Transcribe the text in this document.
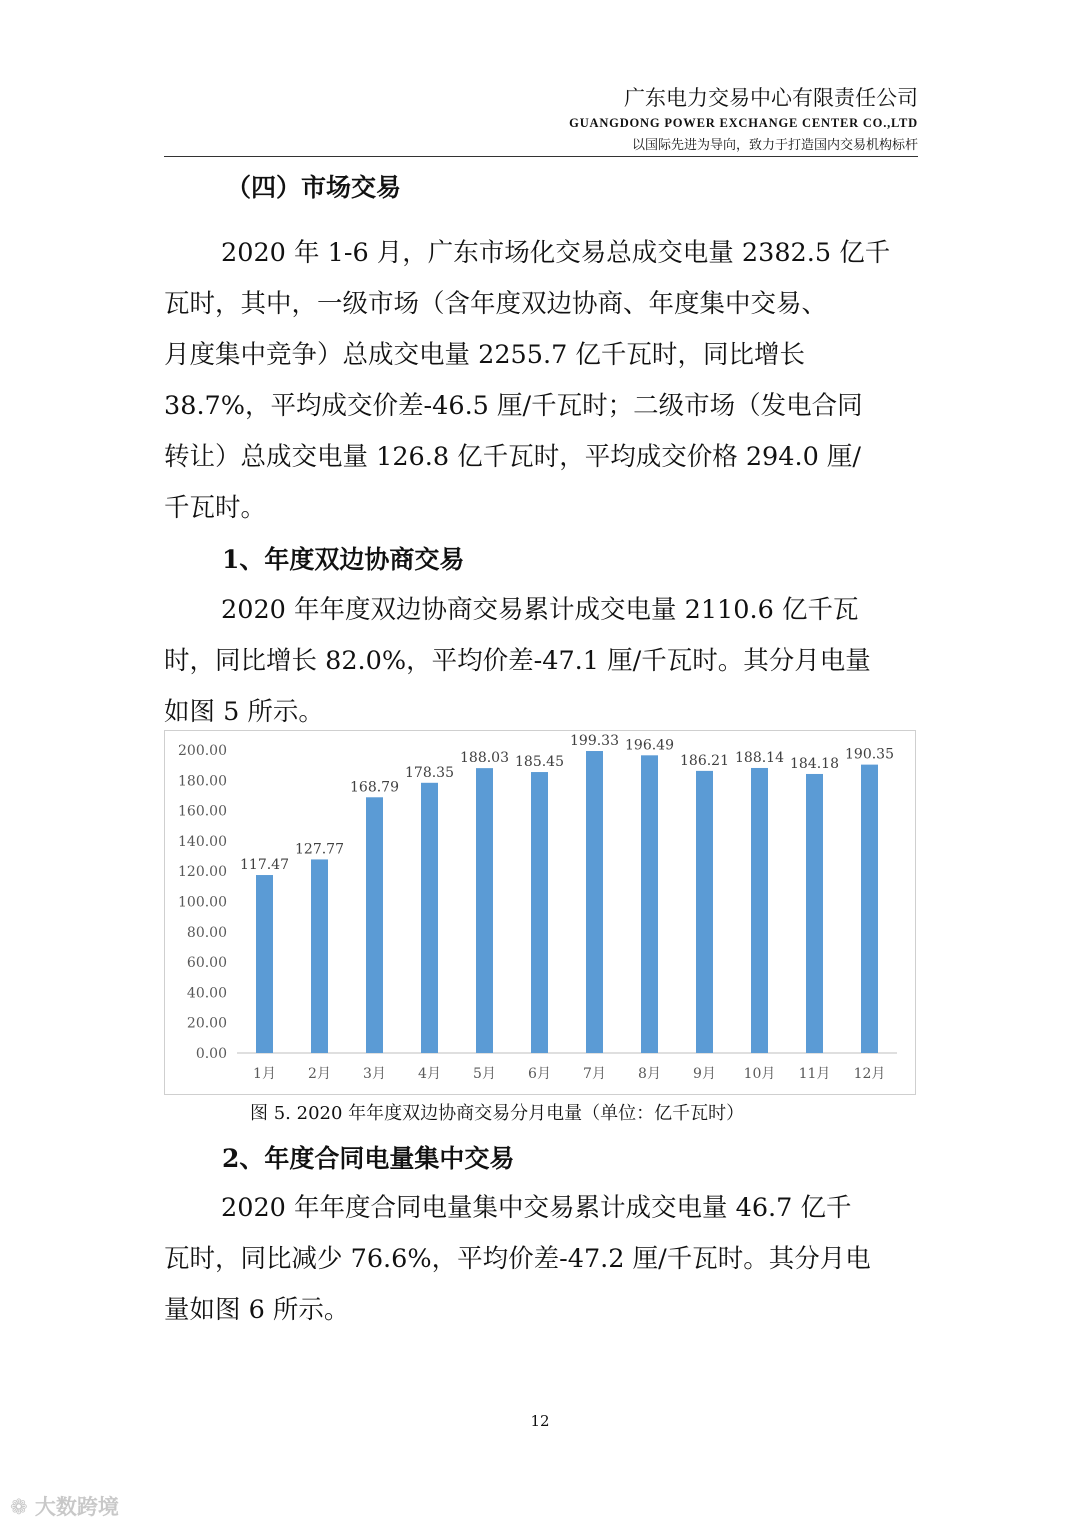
广东电力交易中心有限责任公司
GUANGDONG POWER EXCHANGE CENTER CO.,LTD
以国际先进为导向，致力于打造国内交易机构标杆
（四）市场交易
2020 年 1-6 月，广东市场化交易总成交电量 2382.5 亿千
瓦时，其中，一级市场（含年度双边协商、年度集中交易、
月度集中竞争）总成交电量 2255.7 亿千瓦时，同比增长
38.7%，平均成交价差-46.5 厘/千瓦时；二级市场（发电合同
转让）总成交电量 126.8 亿千瓦时，平均成交价格 294.0 厘/
千瓦时。
1、年度双边协商交易
2020 年年度双边协商交易累计成交电量 2110.6 亿千瓦
时，同比增长 82.0%，平均价差-47.1 厘/千瓦时。其分月电量
如图 5 所示。
0.00
20.00
40.00
60.00
80.00
100.00
120.00
140.00
160.00
180.00
200.00
117.47
1月
127.77
2月
168.79
3月
178.35
4月
188.03
5月
185.45
6月
199.33
7月
196.49
8月
186.21
9月
188.14
10月
184.18
11月
190.35
12月
图 5. 2020 年年度双边协商交易分月电量（单位：亿千瓦时）
2、年度合同电量集中交易
2020 年年度合同电量集中交易累计成交电量 46.7 亿千
瓦时，同比减少 76.6%，平均价差-47.2 厘/千瓦时。其分月电
量如图 6 所示。
12
❁ 大数跨境
